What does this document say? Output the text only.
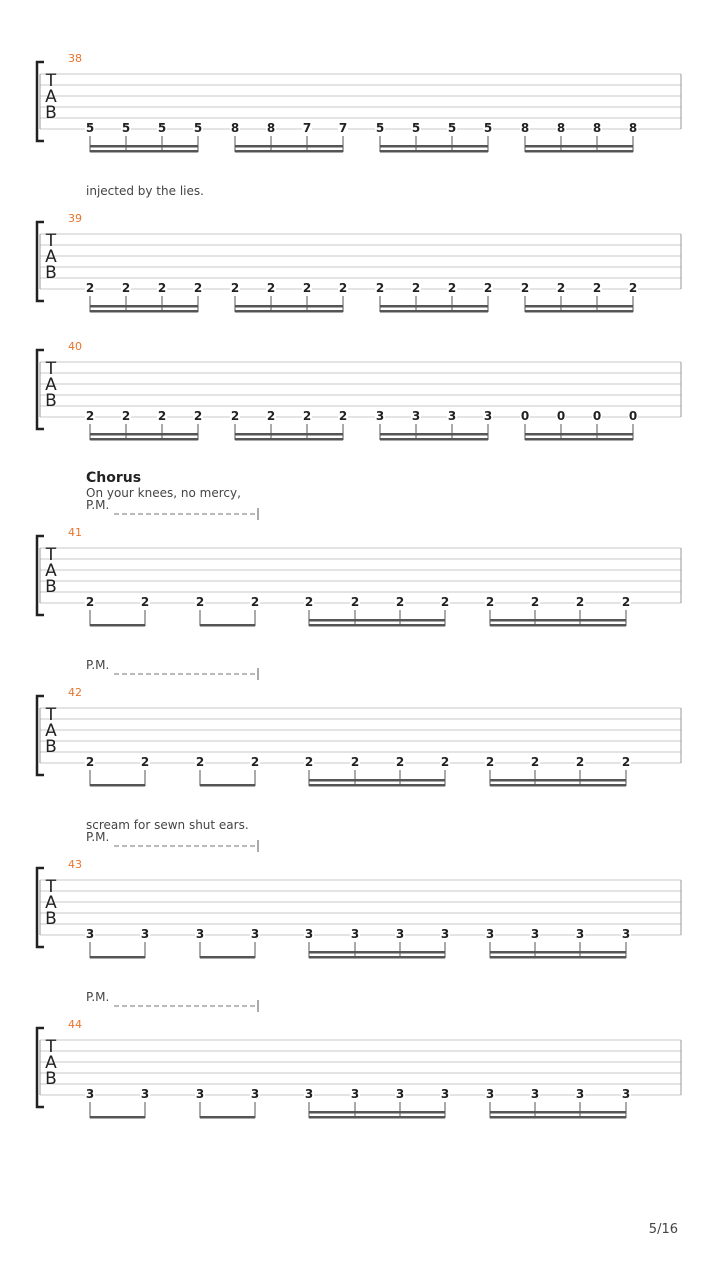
T
A
B
38
5 5 5 5 8 8 7 7 5 5 5 5 8 8 8 8
T
A
B
39
2 2 2 2 2 2 2 2 2 2 2 2 2 2 2 2
T
A
B
40
2 2 2 2 2 2 2 2 3 3 3 3 0 0 0 0
T
A
B
41
2	2	2	2	2	2	2	2	2	2	2	2
T
A
B
42
2	2	2	2	2	2	2	2	2	2	2	2
T
A
B
43
3	3	3	3	3	3	3	3	3	3	3	3
T
A
B
44
3	3	3	3	3	3	3	3	3	3	3	3
injected by the lies.
Chorus
On your knees, no mercy,
P.M.
P.M.
scream for sewn shut ears.
P.M.
P.M.
5/16
